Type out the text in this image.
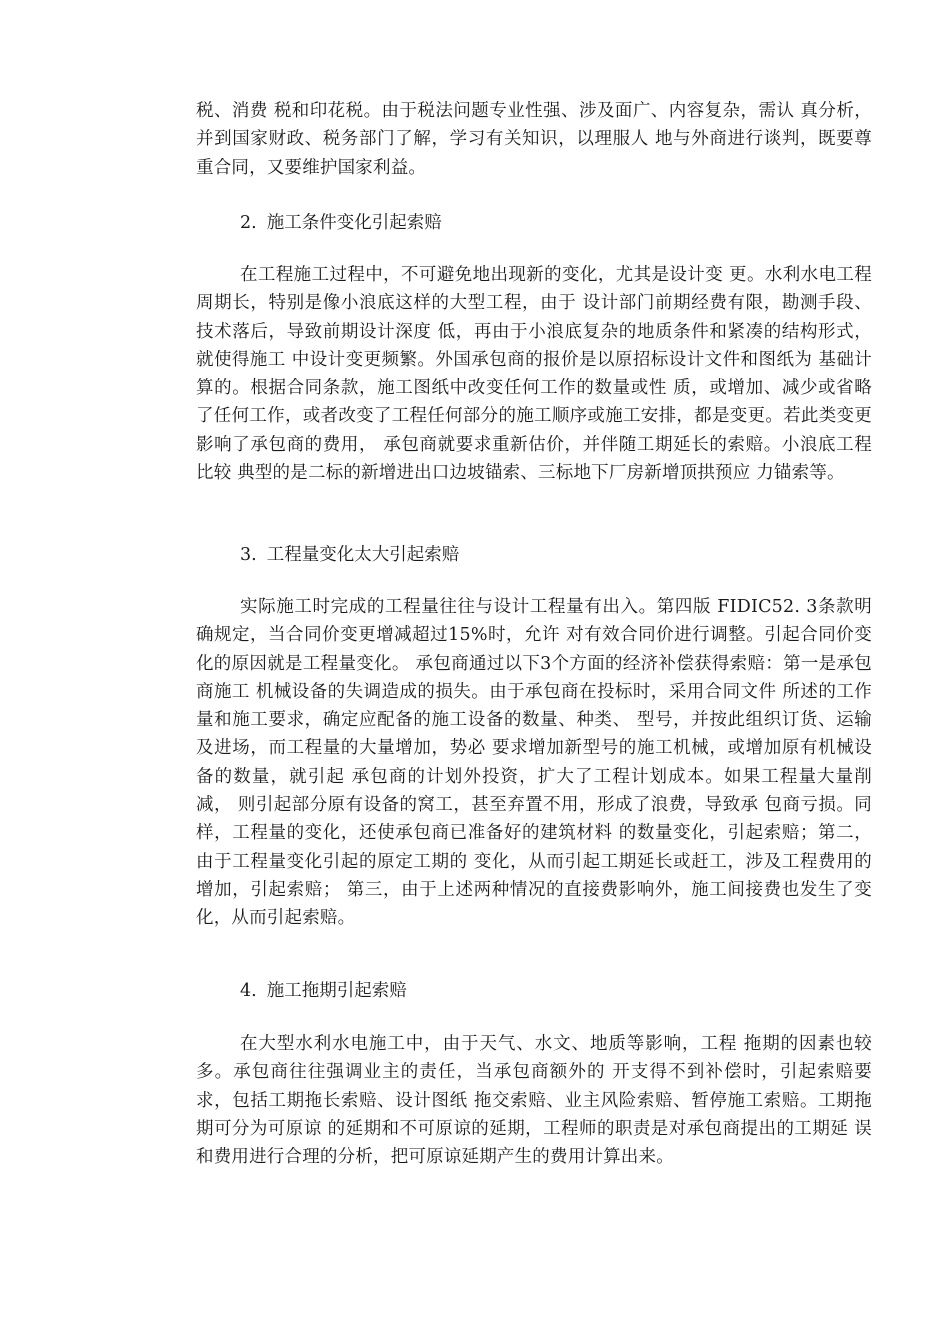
税、消费 税和印花税。由于税法问题专业性强、涉及面广、内容复杂，需认 真分析，并到国家财政、税务部门了解，学习有关知识，以理服人 地与外商进行谈判，既要尊重合同，又要维护国家利益。

2. 施工条件变化引起索赔

在工程施工过程中，不可避免地出现新的变化，尤其是设计变 更。水利水电工程周期长，特别是像小浪底这样的大型工程，由于 设计部门前期经费有限，勘测手段、技术落后，导致前期设计深度 低，再由于小浪底复杂的地质条件和紧凑的结构形式，就使得施工 中设计变更频繁。外国承包商的报价是以原招标设计文件和图纸为 基础计算的。根据合同条款，施工图纸中改变任何工作的数量或性 质，或增加、减少或省略了任何工作，或者改变了工程任何部分的施工顺序或施工安排，都是变更。若此类变更影响了承包商的费用， 承包商就要求重新估价，并伴随工期延长的索赔。小浪底工程比较 典型的是二标的新增进出口边坡锚索、三标地下厂房新增顶拱预应 力锚索等。

3. 工程量变化太大引起索赔

实际施工时完成的工程量往往与设计工程量有出入。第四版 FIDIC52. 3条款明确规定，当合同价变更增减超过15%时，允许 对有效合同价进行调整。引起合同价变化的原因就是工程量变化。 承包商通过以下3个方面的经济补偿获得索赔：第一是承包商施工 机械设备的失调造成的损失。由于承包商在投标时，采用合同文件 所述的工作量和施工要求，确定应配备的施工设备的数量、种类、 型号，并按此组织订货、运输及进场，而工程量的大量增加，势必 要求增加新型号的施工机械，或增加原有机械设备的数量，就引起 承包商的计划外投资，扩大了工程计划成本。如果工程量大量削减， 则引起部分原有设备的窝工，甚至弃置不用，形成了浪费，导致承 包商亏损。同样，工程量的变化，还使承包商已准备好的建筑材料 的数量变化，引起索赔；第二，由于工程量变化引起的原定工期的 变化，从而引起工期延长或赶工，涉及工程费用的增加，引起索赔； 第三，由于上述两种情况的直接费影响外，施工间接费也发生了变化，从而引起索赔。

4. 施工拖期引起索赔

在大型水利水电施工中，由于天气、水文、地质等影响，工程 拖期的因素也较多。承包商往往强调业主的责任，当承包商额外的 开支得不到补偿时，引起索赔要求，包括工期拖长索赔、设计图纸 拖交索赔、业主风险索赔、暂停施工索赔。工期拖期可分为可原谅 的延期和不可原谅的延期，工程师的职责是对承包商提出的工期延 误和费用进行合理的分析，把可原谅延期产生的费用计算出来。
